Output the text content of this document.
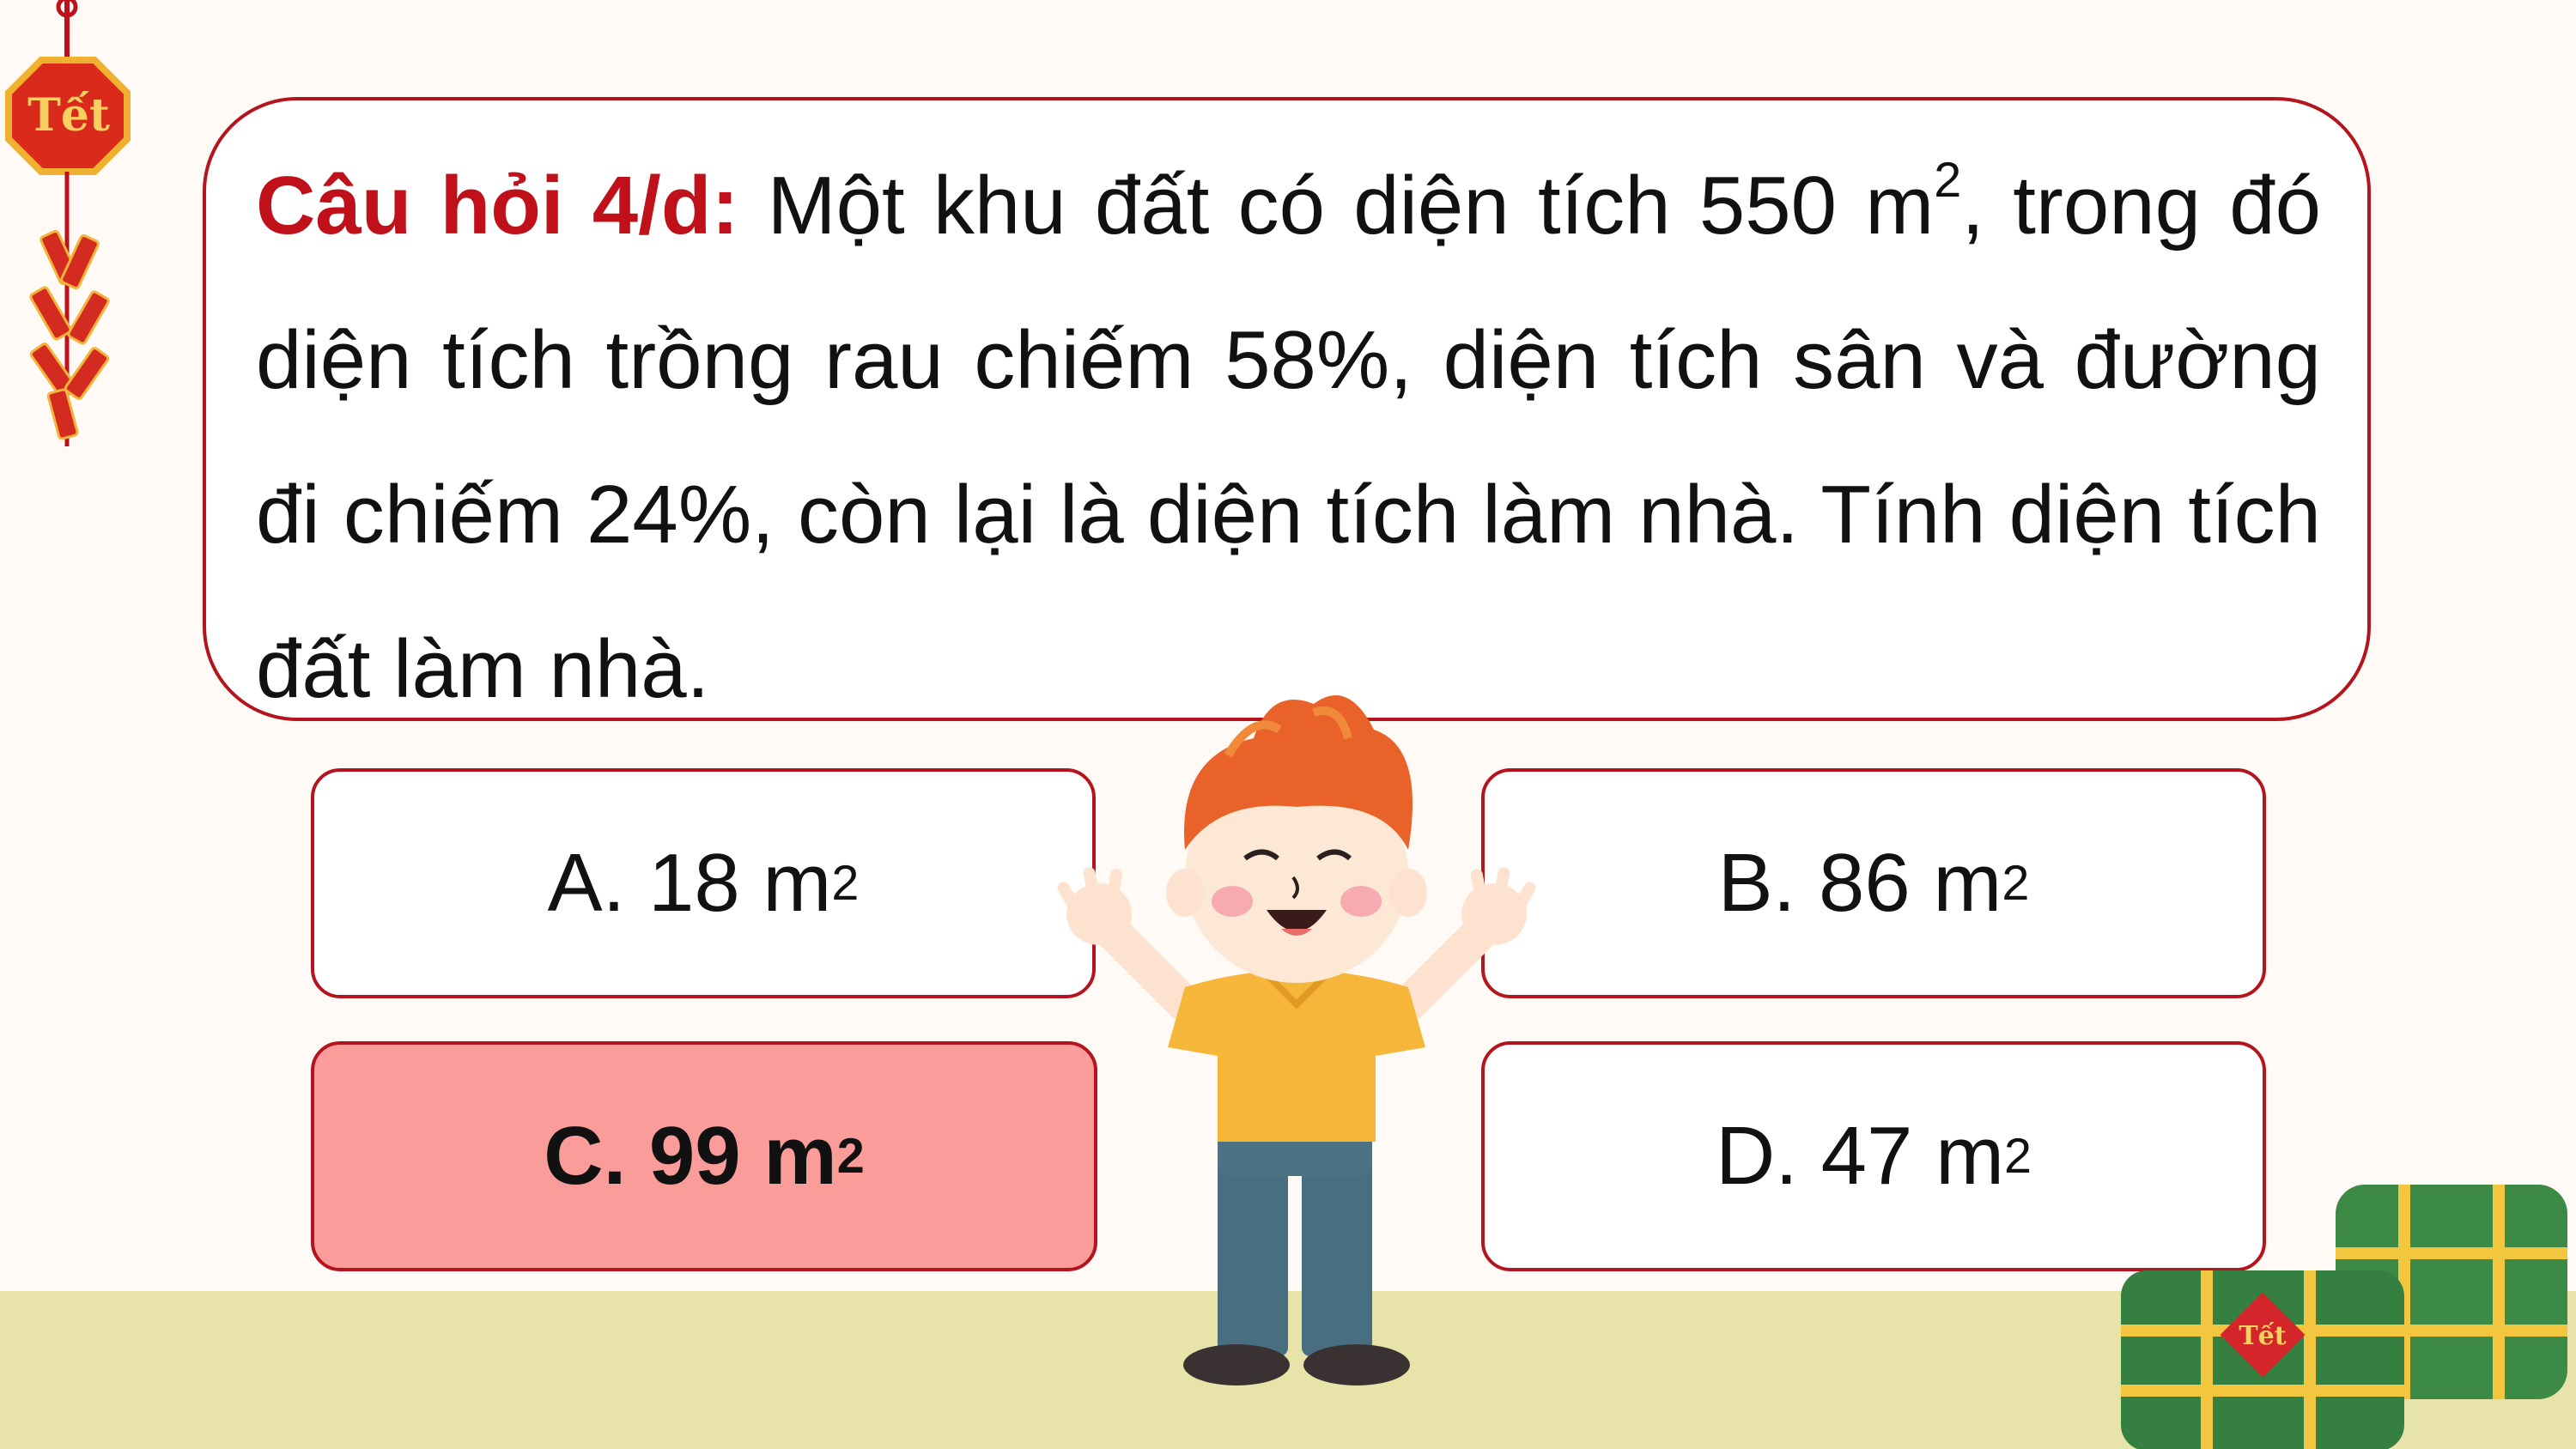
Tết

Câu hỏi 4/d: Một khu đất có diện tích 550 $m^2$, trong đó diện tích trồng rau chiếm 58%, diện tích sân và đường đi chiếm 24%, còn lại là diện tích làm nhà. Tính diện tích đất làm nhà.

A. 18 m 2	B. 86 m 2
C. 99 m 2	D. 47 m 2
Tết
